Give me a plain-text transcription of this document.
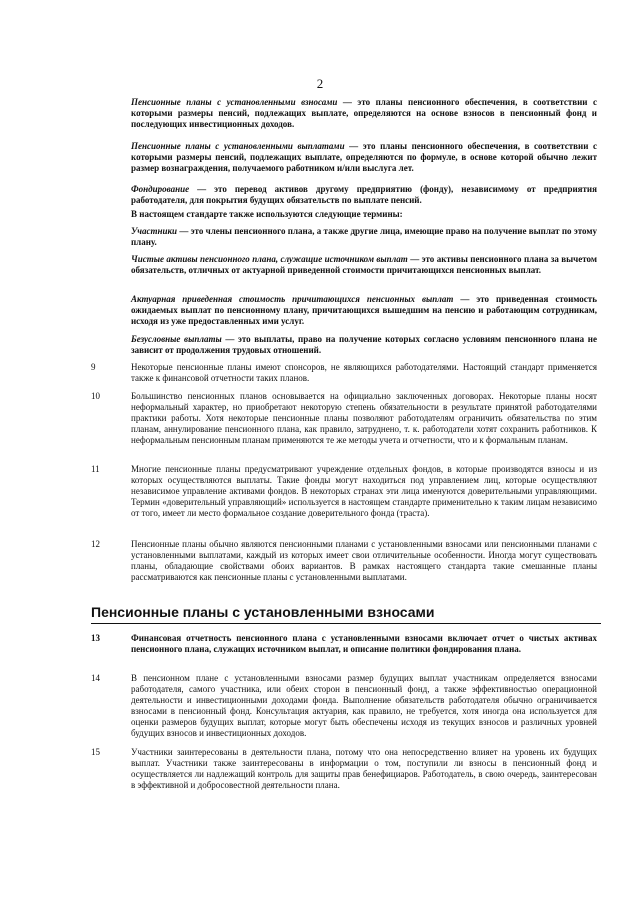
2
Пенсионные планы с установленными взносами — это планы пенсионного обеспечения, в соответствии с которыми размеры пенсий, подлежащих выплате, определяются на основе взносов в пенсионный фонд и последующих инвестиционных доходов.
Пенсионные планы с установленными выплатами — это планы пенсионного обеспечения, в соответствии с которыми размеры пенсий, подлежащих выплате, определяются по формуле, в основе которой обычно лежит размер вознаграждения, получаемого работником и/или выслуга лет.
Фондирование — это перевод активов другому предприятию (фонду), независимому от предприятия работодателя, для покрытия будущих обязательств по выплате пенсий.
В настоящем стандарте также используются следующие термины:
Участники — это члены пенсионного плана, а также другие лица, имеющие право на получение выплат по этому плану.
Чистые активы пенсионного плана, служащие источником выплат — это активы пенсионного плана за вычетом обязательств, отличных от актуарной приведенной стоимости причитающихся пенсионных выплат.
Актуарная приведенная стоимость причитающихся пенсионных выплат — это приведенная стоимость ожидаемых выплат по пенсионному плану, причитающихся вышедшим на пенсию и работающим сотрудникам, исходя из уже предоставленных ими услуг.
Безусловные выплаты — это выплаты, право на получение которых согласно условиям пенсионного плана не зависит от продолжения трудовых отношений.
9	Некоторые пенсионные планы имеют спонсоров, не являющихся работодателями. Настоящий стандарт применяется также к финансовой отчетности таких планов.
10	Большинство пенсионных планов основывается на официально заключенных договорах. Некоторые планы носят неформальный характер, но приобретают некоторую степень обязательности в результате принятой работодателями практики работы. Хотя некоторые пенсионные планы позволяют работодателям ограничить обязательства по этим планам, аннулирование пенсионного плана, как правило, затруднено, т. к. работодатели хотят сохранить работников. К неформальным пенсионным планам применяются те же методы учета и отчетности, что и к формальным планам.
11	Многие пенсионные планы предусматривают учреждение отдельных фондов, в которые производятся взносы и из которых осуществляются выплаты. Такие фонды могут находиться под управлением лиц, которые осуществляют независимое управление активами фондов. В некоторых странах эти лица именуются доверительными управляющими. Термин «доверительный управляющий» используется в настоящем стандарте применительно к таким лицам независимо от того, имеет ли место формальное создание доверительного фонда (траста).
12	Пенсионные планы обычно являются пенсионными планами с установленными взносами или пенсионными планами с установленными выплатами, каждый из которых имеет свои отличительные особенности. Иногда могут существовать планы, обладающие свойствами обоих вариантов. В рамках настоящего стандарта такие смешанные планы рассматриваются как пенсионные планы с установленными выплатами.
Пенсионные планы с установленными взносами
13	Финансовая отчетность пенсионного плана с установленными взносами включает отчет о чистых активах пенсионного плана, служащих источником выплат, и описание политики фондирования плана.
14	В пенсионном плане с установленными взносами размер будущих выплат участникам определяется взносами работодателя, самого участника, или обеих сторон в пенсионный фонд, а также эффективностью операционной деятельности и инвестиционными доходами фонда. Выполнение обязательств работодателя обычно ограничивается взносами в пенсионный фонд. Консультация актуария, как правило, не требуется, хотя иногда она используется для оценки размеров будущих выплат, которые могут быть обеспечены исходя из текущих взносов и различных уровней будущих взносов и инвестиционных доходов.
15	Участники заинтересованы в деятельности плана, потому что она непосредственно влияет на уровень их будущих выплат. Участники также заинтересованы в информации о том, поступили ли взносы в пенсионный фонд и осуществляется ли надлежащий контроль для защиты прав бенефициаров. Работодатель, в свою очередь, заинтересован в эффективной и добросовестной деятельности плана.
